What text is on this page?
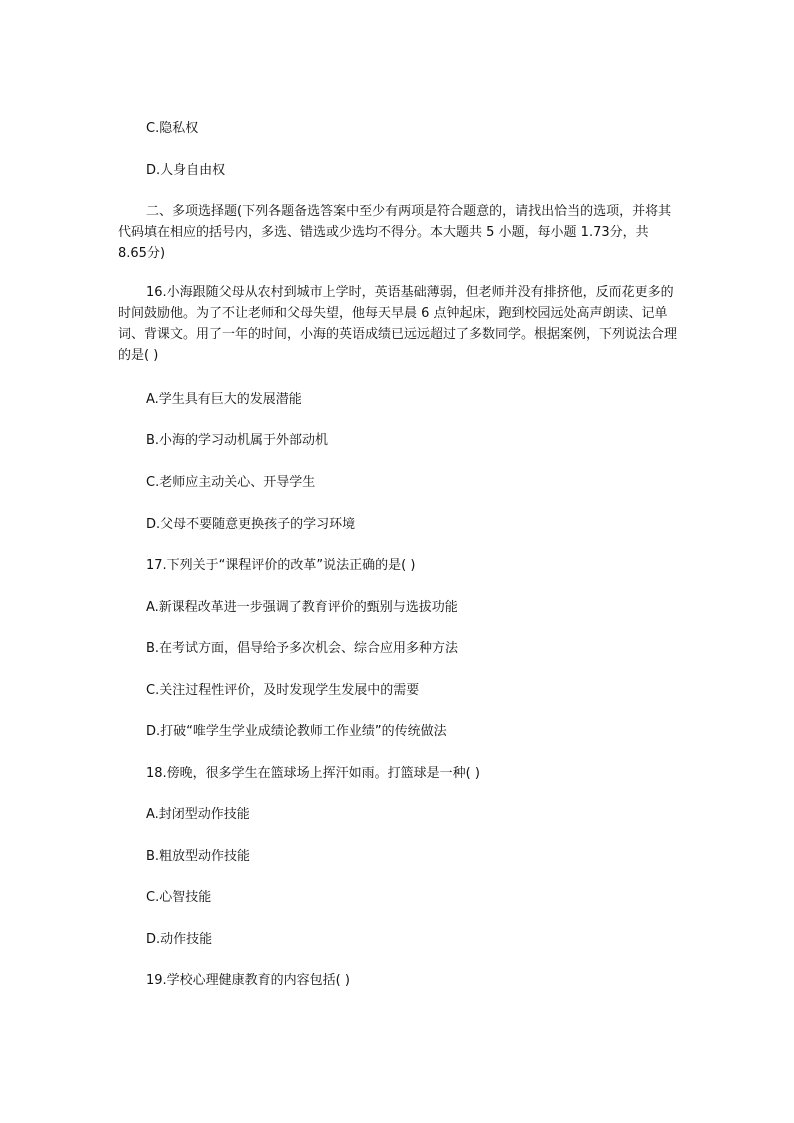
C.隐私权
D.人身自由权
二、多项选择题(下列各题备选答案中至少有两项是符合题意的，请找出恰当的选项，并将其代码填在相应的括号内，多选、错选或少选均不得分。本大题共 5 小题，每小题 1.73分，共 8.65分)
16.小海跟随父母从农村到城市上学时，英语基础薄弱，但老师并没有排挤他，反而花更多的时间鼓励他。为了不让老师和父母失望，他每天早晨 6 点钟起床，跑到校园远处高声朗读、记单词、背课文。用了一年的时间，小海的英语成绩已远远超过了多数同学。根据案例，下列说法合理的是( )
A.学生具有巨大的发展潜能
B.小海的学习动机属于外部动机
C.老师应主动关心、开导学生
D.父母不要随意更换孩子的学习环境
17.下列关于“课程评价的改革”说法正确的是( )
A.新课程改革进一步强调了教育评价的甄别与选拔功能
B.在考试方面，倡导给予多次机会、综合应用多种方法
C.关注过程性评价，及时发现学生发展中的需要
D.打破“唯学生学业成绩论教师工作业绩”的传统做法
18.傍晚，很多学生在篮球场上挥汗如雨。打篮球是一种( )
A.封闭型动作技能
B.粗放型动作技能
C.心智技能
D.动作技能
19.学校心理健康教育的内容包括( )
